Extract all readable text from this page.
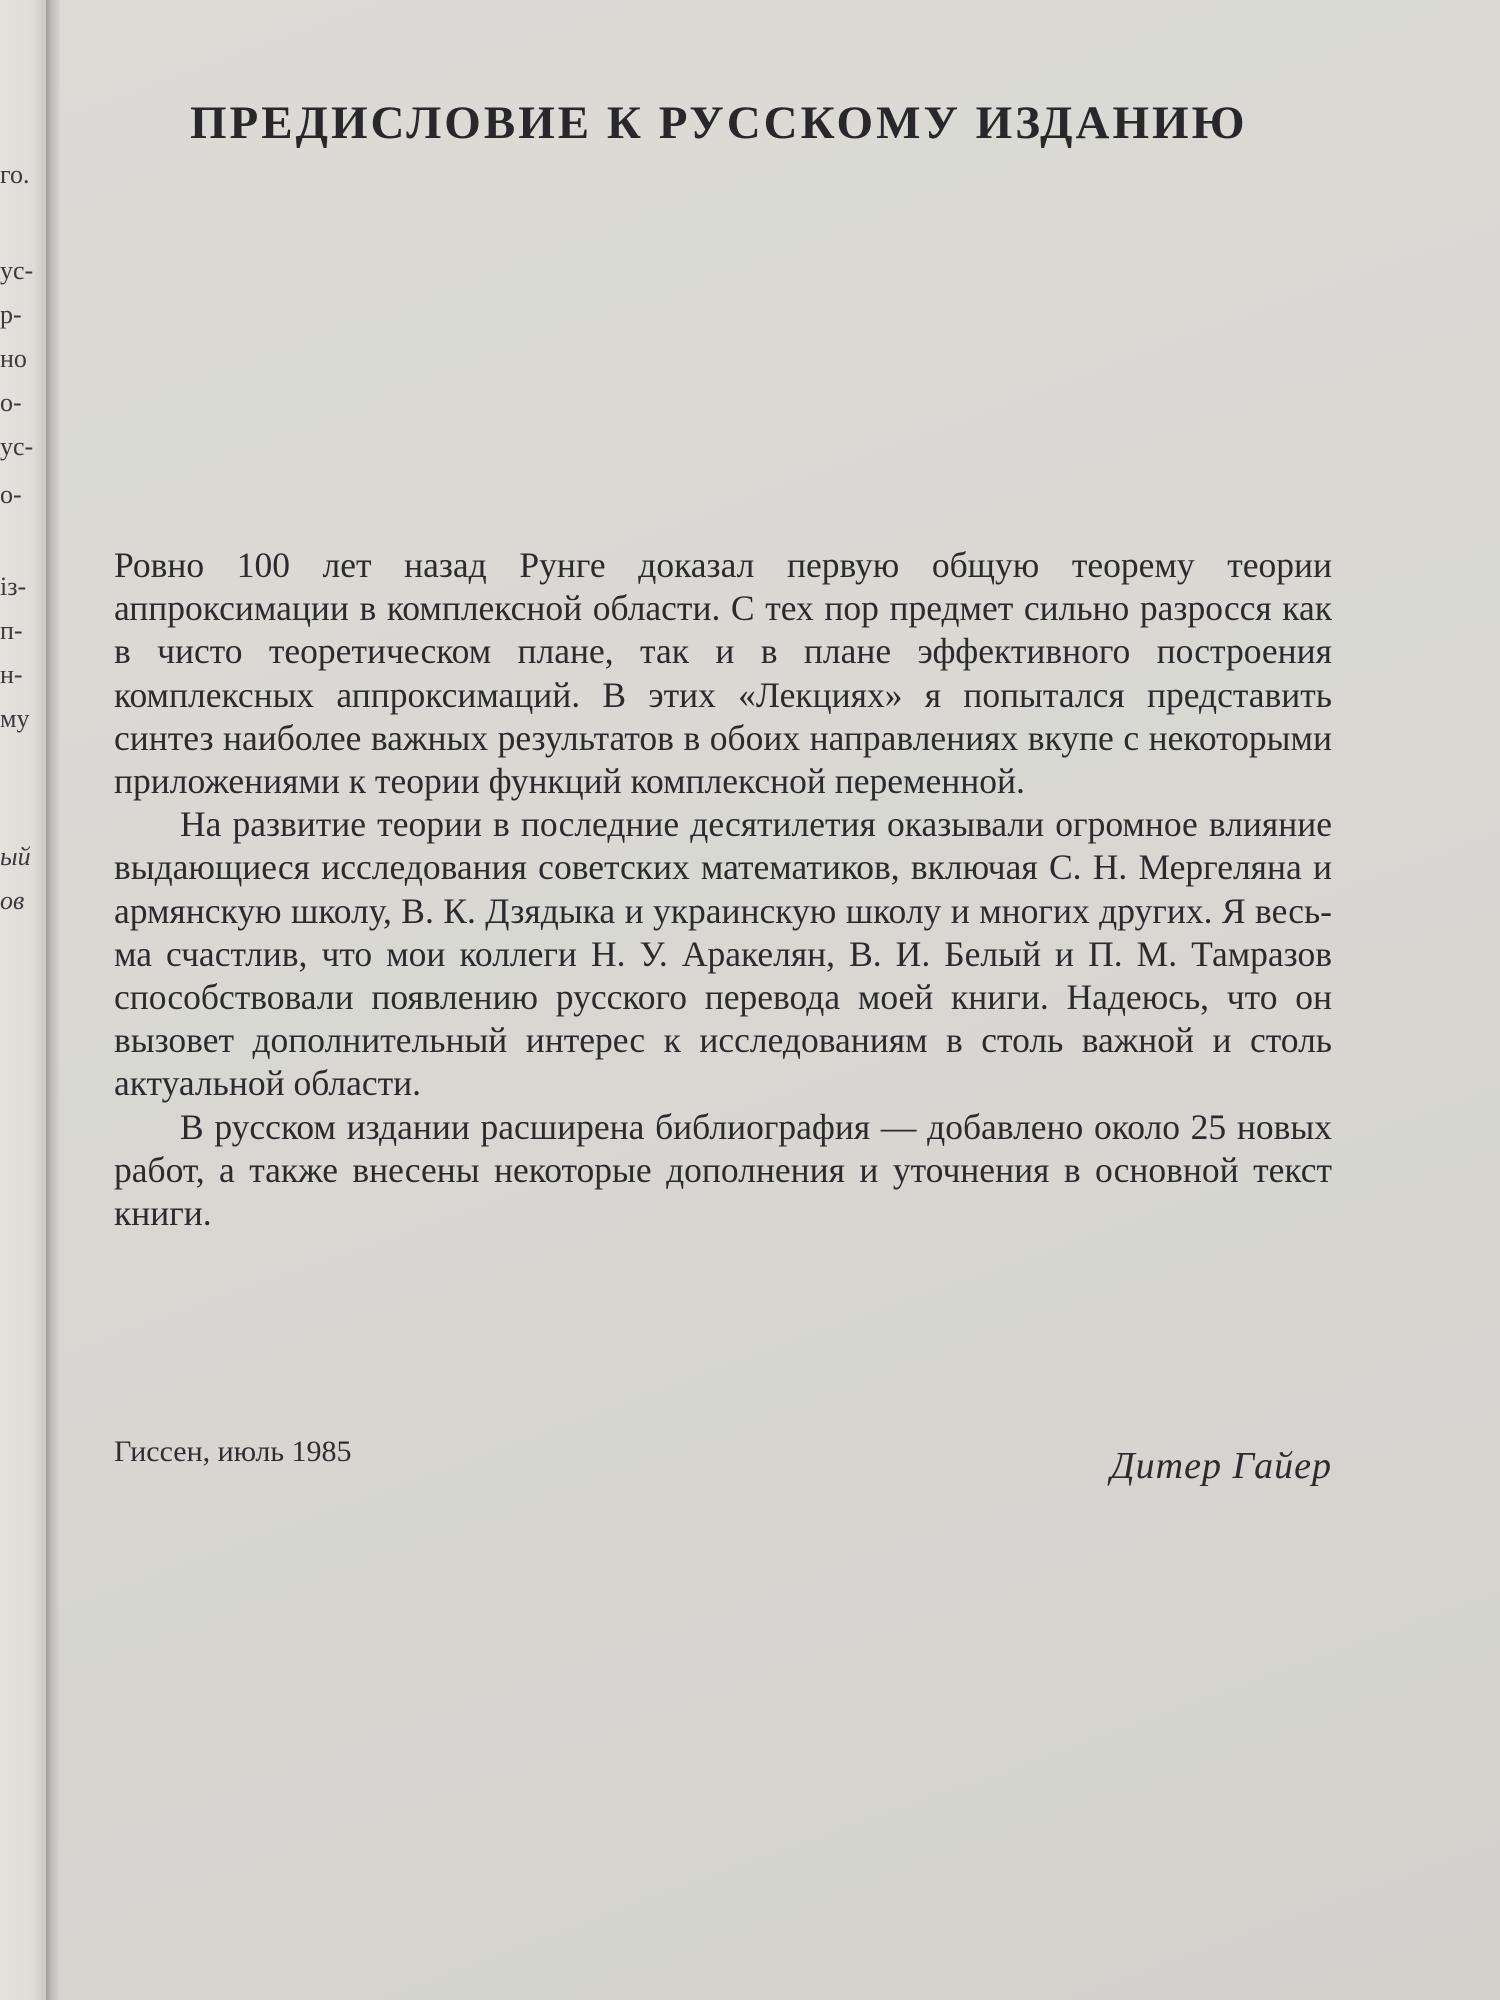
го.
ус-
р-
но
о-
ус-
о-
із-
п-
н-
му
ый
ов
ПРЕДИСЛОВИЕ К РУССКОМУ ИЗДАНИЮ

Ровно 100 лет назад Рунге доказал первую общую теорему теории аппроксимации в комплексной области. С тех пор предмет сильно разросся как в чисто теоретическом плане, так и в плане эффективного построения комплексных аппроксимаций. В этих «Лекциях» я попытался представить синтез наиболее важных результатов в обоих направлениях вкупе с некоторыми приложениями к теории функций комплексной переменной.

На развитие теории в последние десятилетия оказывали огромное влияние выдающиеся исследования советских математиков, включая С. Н. Мергеляна и армянскую школу, В. К. Дзядыка и украинскую школу и многих других. Я весьма счастлив, что мои коллеги Н. У. Аракелян, В. И. Белый и П. М. Тамразов способствовали появлению русского перевода моей книги. Надеюсь, что он вызовет дополнительный интерес к исследованиям в столь важной и столь актуальной области.

В русском издании расширена библиография — добавлено около 25 новых работ, а также внесены некоторые дополнения и уточнения в основной текст книги.

Гиссен, июль 1985	Дитер Гайер
